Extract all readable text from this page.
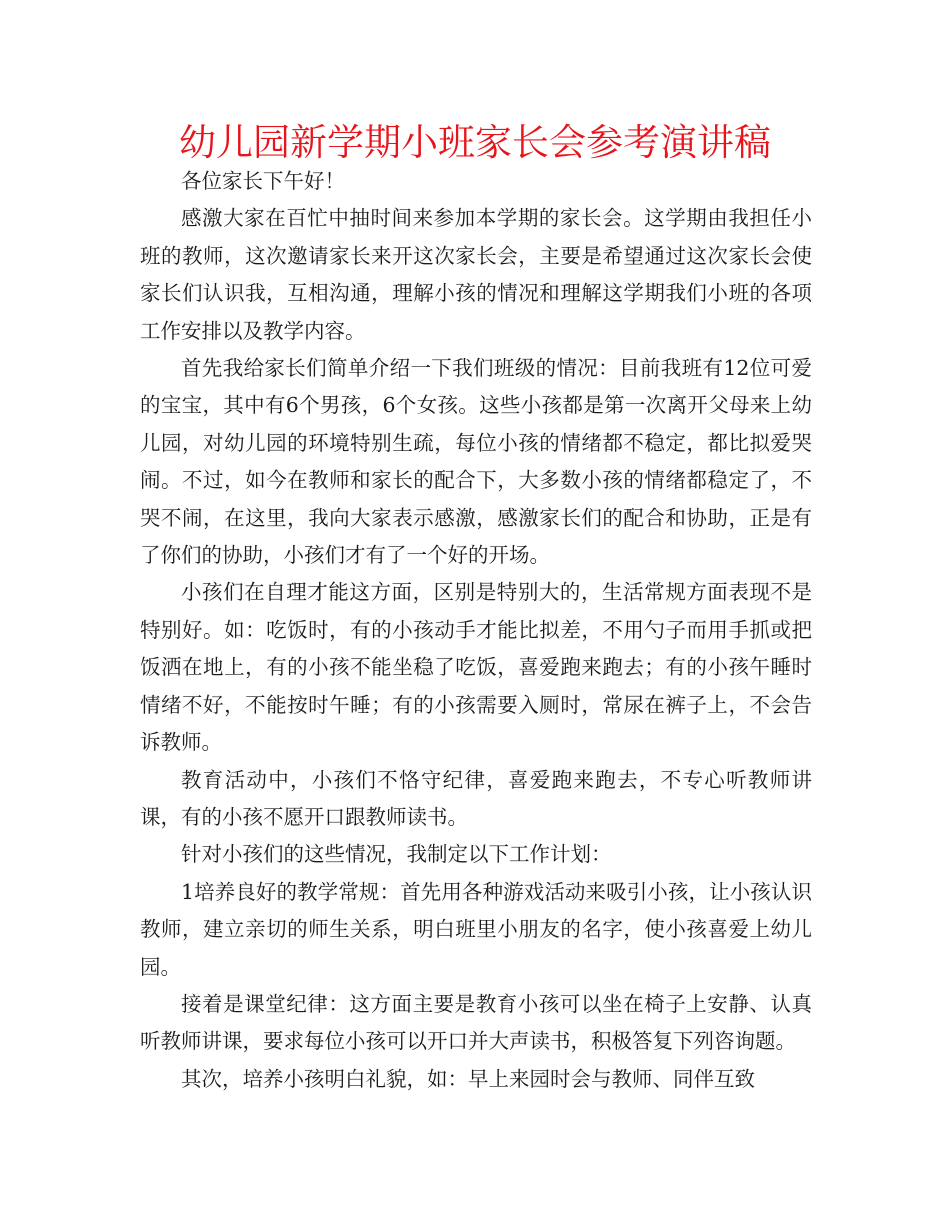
幼儿园新学期小班家长会参考演讲稿

各位家长下午好！

感激大家在百忙中抽时间来参加本学期的家长会。这学期由我担任小班的教师，这次邀请家长来开这次家长会，主要是希望通过这次家长会使家长们认识我，互相沟通，理解小孩的情况和理解这学期我们小班的各项工作安排以及教学内容。

首先我给家长们简单介绍一下我们班级的情况：目前我班有12位可爱的宝宝，其中有6个男孩，6个女孩。这些小孩都是第一次离开父母来上幼儿园，对幼儿园的环境特别生疏，每位小孩的情绪都不稳定，都比拟爱哭闹。不过，如今在教师和家长的配合下，大多数小孩的情绪都稳定了，不哭不闹，在这里，我向大家表示感激，感激家长们的配合和协助，正是有了你们的协助，小孩们才有了一个好的开场。

小孩们在自理才能这方面，区别是特别大的，生活常规方面表现不是特别好。如：吃饭时，有的小孩动手才能比拟差，不用勺子而用手抓或把饭洒在地上，有的小孩不能坐稳了吃饭，喜爱跑来跑去；有的小孩午睡时情绪不好，不能按时午睡；有的小孩需要入厕时，常尿在裤子上，不会告诉教师。

教育活动中，小孩们不恪守纪律，喜爱跑来跑去，不专心听教师讲课，有的小孩不愿开口跟教师读书。

针对小孩们的这些情况，我制定以下工作计划：

1培养良好的教学常规：首先用各种游戏活动来吸引小孩，让小孩认识教师，建立亲切的师生关系，明白班里小朋友的名字，使小孩喜爱上幼儿园。

接着是课堂纪律：这方面主要是教育小孩可以坐在椅子上安静、认真听教师讲课，要求每位小孩可以开口并大声读书，积极答复下列咨询题。

其次，培养小孩明白礼貌，如：早上来园时会与教师、同伴互致
